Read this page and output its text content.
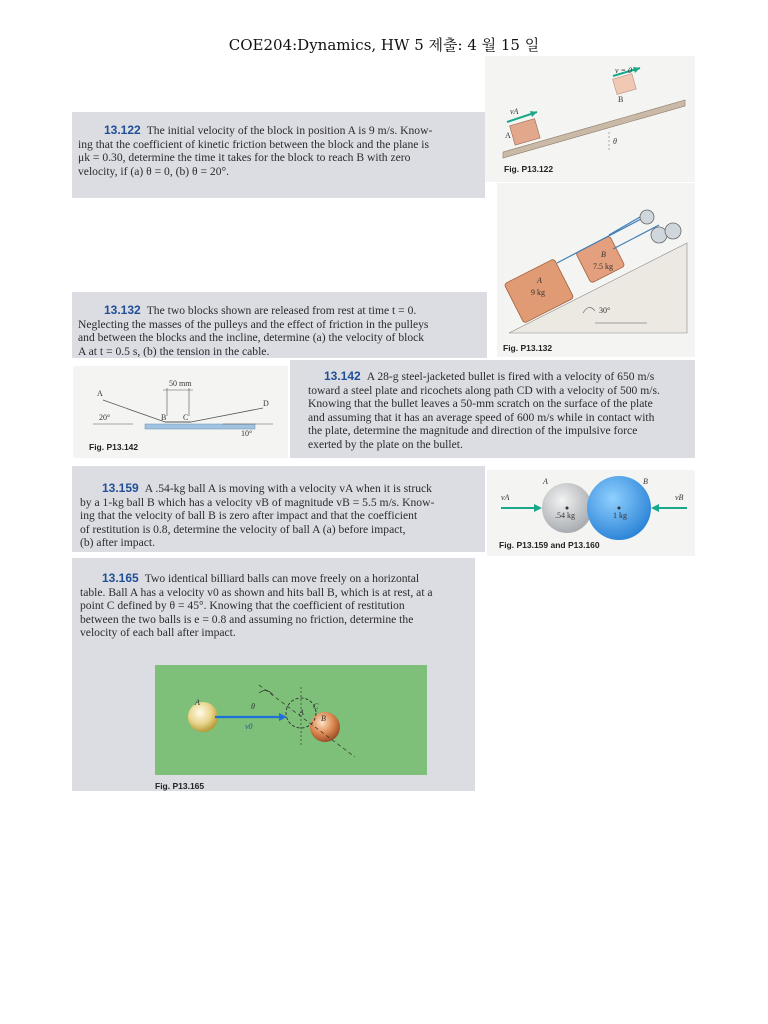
COE204:Dynamics, HW 5 제출: 4 월 15 일
13.122 The initial velocity of the block in position A is 9 m/s. Know-
ing that the coefficient of kinetic friction between the block and the plane is
μk = 0.30, determine the time it takes for the block to reach B with zero
velocity, if (a) θ = 0, (b) θ = 20°.
vA
A
B
v = 0
θ
Fig. P13.122
A
9 kg
B
7.5 kg
30°
Fig. P13.132
13.132 The two blocks shown are released from rest at time t = 0.
Neglecting the masses of the pulleys and the effect of friction in the pulleys
and between the blocks and the incline, determine (a) the velocity of block
A at t = 0.5 s, (b) the tension in the cable.
A
B C
D
50 mm
20°
10°
Fig. P13.142
13.142 A 28-g steel-jacketed bullet is fired with a velocity of 650 m/s
toward a steel plate and ricochets along path CD with a velocity of 500 m/s.
Knowing that the bullet leaves a 50-mm scratch on the surface of the plate
and assuming that it has an average speed of 600 m/s while in contact with
the plate, determine the magnitude and direction of the impulsive force
exerted by the plate on the bullet.
13.159 A .54-kg ball A is moving with a velocity vA when it is struck
by a 1-kg ball B which has a velocity vB of magnitude vB = 5.5 m/s. Know-
ing that the velocity of ball B is zero after impact and that the coefficient
of restitution is 0.8, determine the velocity of ball A (a) before impact,
(b) after impact.
vA	vB
A	B
.54 kg	1 kg
Fig. P13.159 and P13.160
13.165 Two identical billiard balls can move freely on a horizontal
table. Ball A has a velocity v0 as shown and hits ball B, which is at rest, at a
point C defined by θ = 45°. Knowing that the coefficient of restitution
between the two balls is e = 0.8 and assuming no friction, determine the
velocity of each ball after impact.
A
A
B
C
θ
v0
Fig. P13.165
